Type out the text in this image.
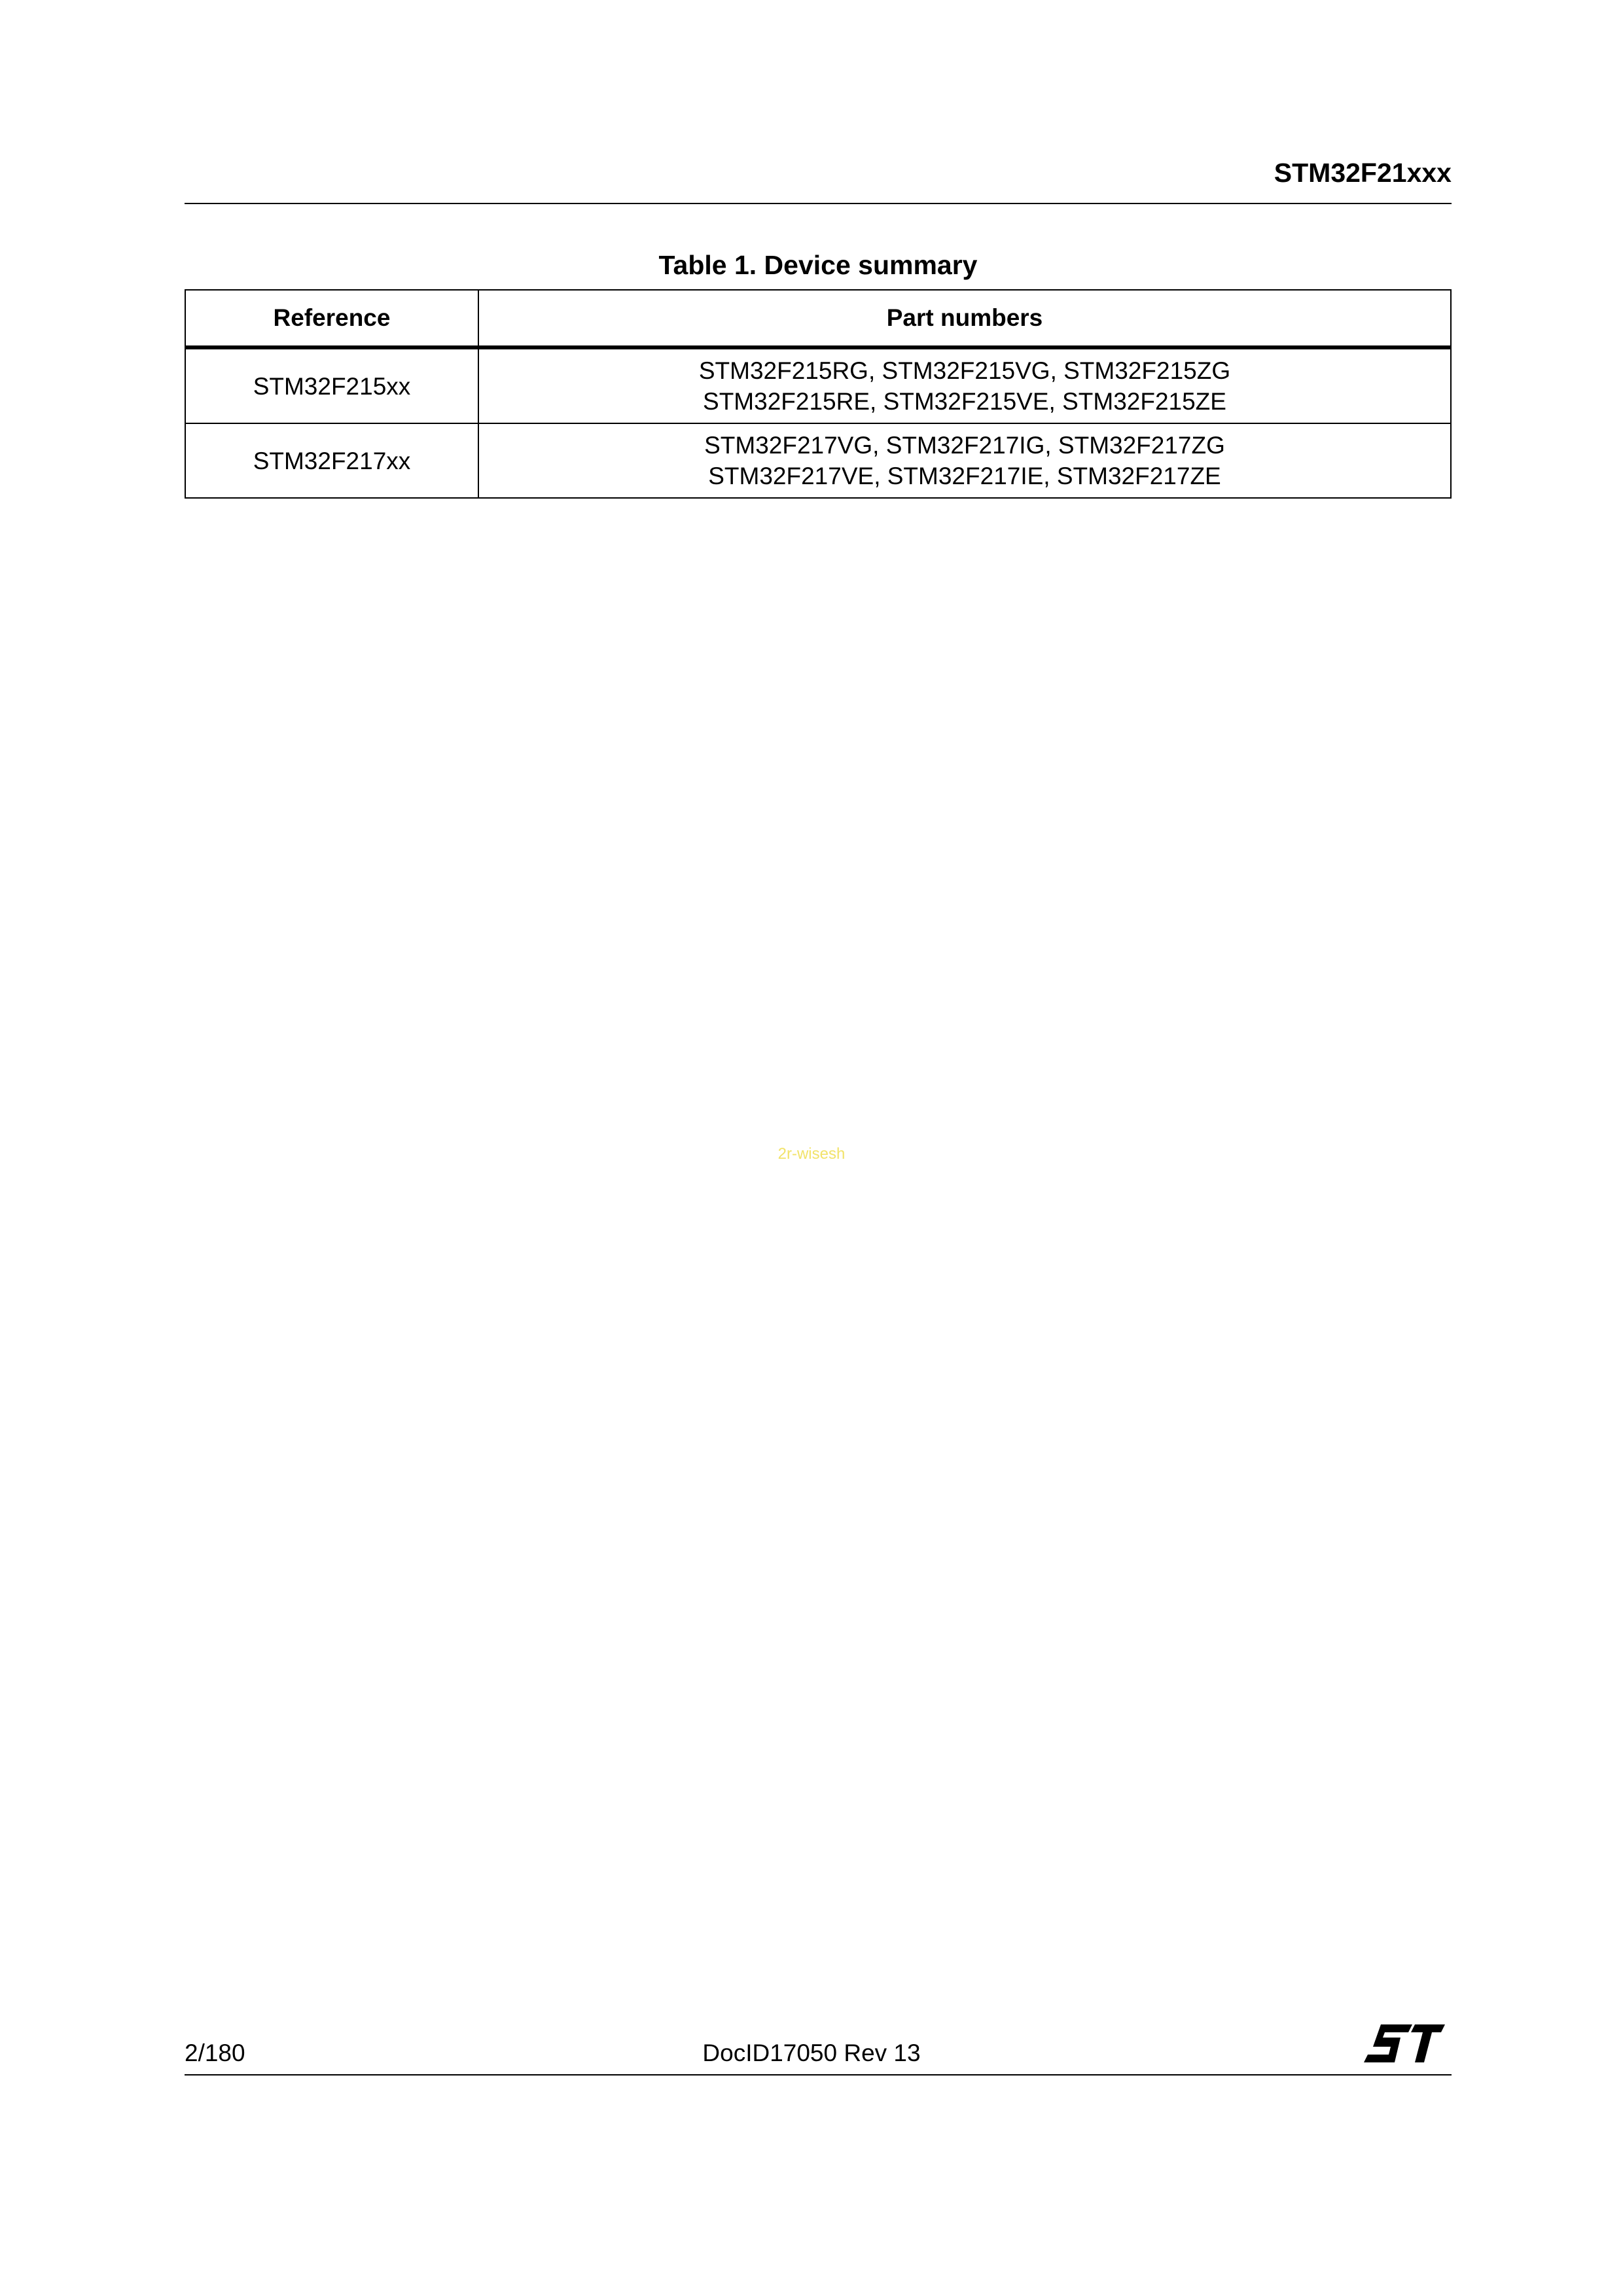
STM32F21xxx
Table 1. Device summary
Reference	Part numbers
STM32F215xx	STM32F215RG, STM32F215VG, STM32F215ZG
STM32F215RE, STM32F215VE, STM32F215ZE

STM32F217xx	STM32F217VG, STM32F217IG, STM32F217ZG
STM32F217VE, STM32F217IE, STM32F217ZE
2r-wisesh
2/180	DocID17050 Rev 13
